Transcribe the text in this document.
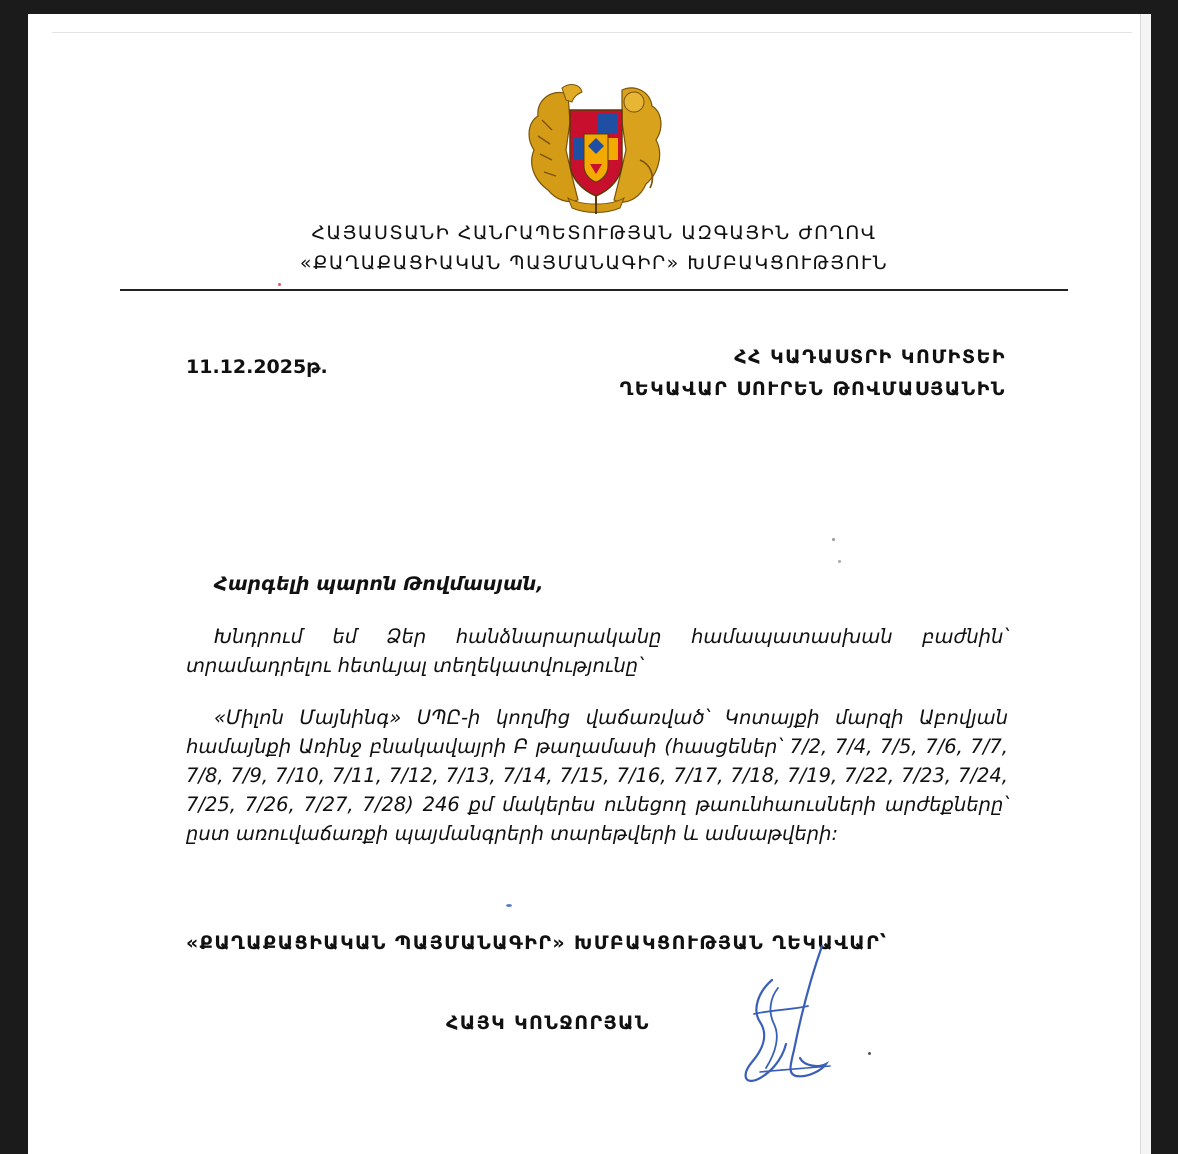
ՀԱՅԱՍՏԱՆԻ ՀԱՆՐԱՊԵՏՈՒԹՅԱՆ ԱԶԳԱՅԻՆ ԺՈՂՈՎ
«ՔԱՂԱՔԱՑԻԱԿԱՆ ՊԱՅՄԱՆԱԳԻՐ» ԽՄԲԱԿՑՈՒԹՅՈՒՆ
11.12.2025թ.	ՀՀ ԿԱԴԱՍՏՐԻ ԿՈՄԻՏԵԻ
ՂԵԿԱՎԱՐ ՍՈՒՐԵՆ ԹՈՎՄԱՍՅԱՆԻՆ
Հարգելի պարոն Թովմասյան,
Խնդրում եմ Ձեր հանձնարարականը համապատասխան բաժնին՝ տրամադրելու հետևյալ տեղեկատվությունը՝
«Միլոն Մայնինգ» ՍՊԸ-ի կողմից վաճառված՝ Կոտայքի մարզի Աբովյան համայնքի Առինջ բնակավայրի Բ թաղամասի (հասցեներ՝ 7/2, 7/4, 7/5, 7/6, 7/7, 7/8, 7/9, 7/10, 7/11, 7/12, 7/13, 7/14, 7/15, 7/16, 7/17, 7/18, 7/19, 7/22, 7/23, 7/24, 7/25, 7/26, 7/27, 7/28) 246 քմ մակերես ունեցող թաունհաուսների արժեքները՝ ըստ առուվաճառքի պայմանգրերի տարեթվերի և ամսաթվերի:
«ՔԱՂԱՔԱՑԻԱԿԱՆ ՊԱՅՄԱՆԱԳԻՐ» ԽՄԲԱԿՑՈՒԹՅԱՆ ՂԵԿԱՎԱՐ՝
ՀԱՅԿ ԿՈՆՋՈՐՅԱՆ
